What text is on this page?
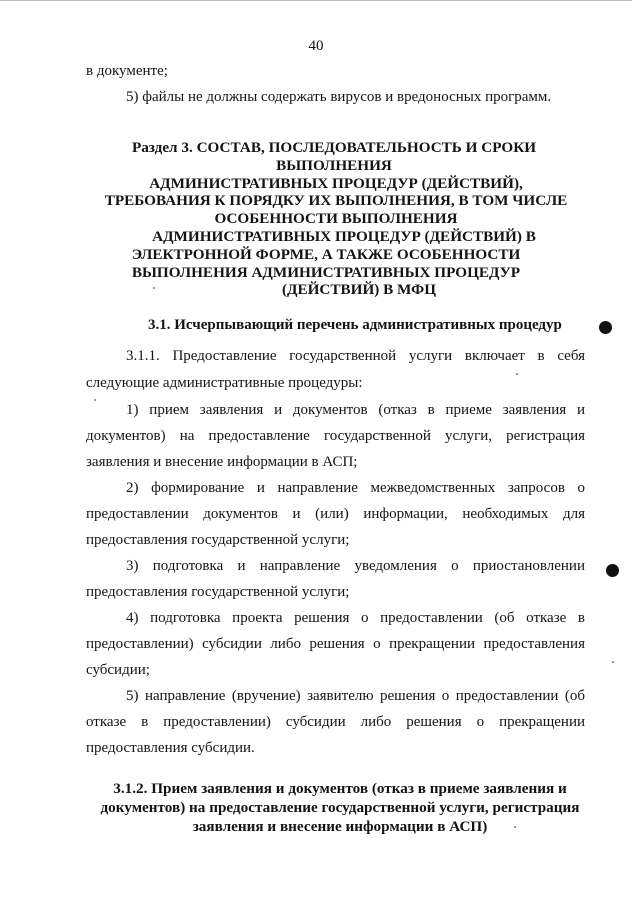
40
в документе;
5) файлы не должны содержать вирусов и вредоносных программ.
Раздел 3. СОСТАВ, ПОСЛЕДОВАТЕЛЬНОСТЬ И СРОКИ
ВЫПОЛНЕНИЯ
АДМИНИСТРАТИВНЫХ ПРОЦЕДУР (ДЕЙСТВИЙ),
ТРЕБОВАНИЯ К ПОРЯДКУ ИХ ВЫПОЛНЕНИЯ, В ТОМ ЧИСЛЕ
ОСОБЕННОСТИ ВЫПОЛНЕНИЯ
АДМИНИСТРАТИВНЫХ ПРОЦЕДУР (ДЕЙСТВИЙ) В
ЭЛЕКТРОННОЙ ФОРМЕ, А ТАКЖЕ ОСОБЕННОСТИ
ВЫПОЛНЕНИЯ АДМИНИСТРАТИВНЫХ ПРОЦЕДУР
(ДЕЙСТВИЙ) В МФЦ
3.1. Исчерпывающий перечень административных процедур
3.1.1. Предоставление государственной услуги включает в себя
следующие административные процедуры:
1) прием заявления и документов (отказ в приеме заявления и
документов) на предоставление государственной услуги, регистрация
заявления и внесение информации в АСП;
2) формирование и направление межведомственных запросов о
предоставлении документов и (или) информации, необходимых для
предоставления государственной услуги;
3) подготовка и направление уведомления о приостановлении
предоставления государственной услуги;
4) подготовка проекта решения о предоставлении (об отказе в
предоставлении) субсидии либо решения о прекращении предоставления
субсидии;
5) направление (вручение) заявителю решения о предоставлении (об
отказе в предоставлении) субсидии либо решения о прекращении
предоставления субсидии.
3.1.2. Прием заявления и документов (отказ в приеме заявления и
документов) на предоставление государственной услуги, регистрация
заявления и внесение информации в АСП)
